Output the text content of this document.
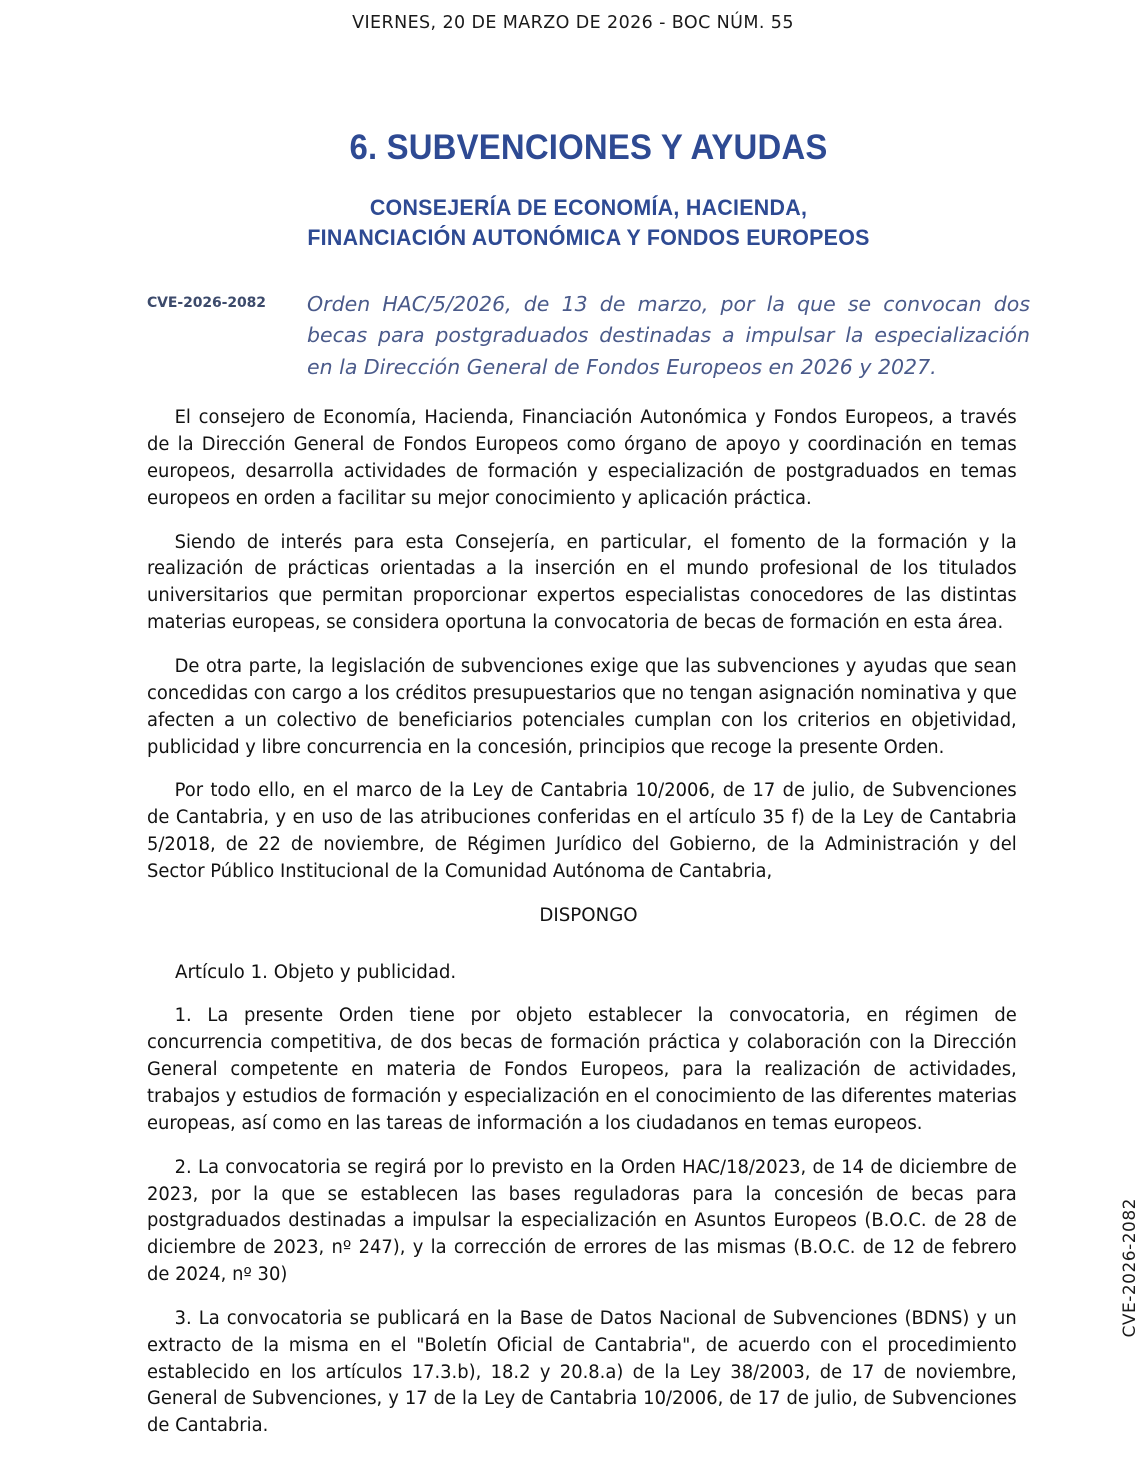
VIERNES, 20 DE MARZO DE 2026 - BOC NÚM. 55
6. SUBVENCIONES Y AYUDAS
CONSEJERÍA DE ECONOMÍA, HACIENDA,
FINANCIACIÓN AUTONÓMICA Y FONDOS EUROPEOS
CVE-2026-2082	Orden HAC/5/2026, de 13 de marzo, por la que se convocan dos becas para postgraduados destinadas a impulsar la especialización en la Dirección General de Fondos Europeos en 2026 y 2027.

El consejero de Economía, Hacienda, Financiación Autonómica y Fondos Europeos, a través de la Dirección General de Fondos Europeos como órgano de apoyo y coordinación en temas europeos, desarrolla actividades de formación y especialización de postgraduados en temas europeos en orden a facilitar su mejor conocimiento y aplicación práctica.

Siendo de interés para esta Consejería, en particular, el fomento de la formación y la realización de prácticas orientadas a la inserción en el mundo profesional de los titulados universitarios que permitan proporcionar expertos especialistas conocedores de las distintas materias europeas, se considera oportuna la convocatoria de becas de formación en esta área.

De otra parte, la legislación de subvenciones exige que las subvenciones y ayudas que sean concedidas con cargo a los créditos presupuestarios que no tengan asignación nominativa y que afecten a un colectivo de beneficiarios potenciales cumplan con los criterios en objetividad, publicidad y libre concurrencia en la concesión, principios que recoge la presente Orden.

Por todo ello, en el marco de la Ley de Cantabria 10/2006, de 17 de julio, de Subvenciones de Cantabria, y en uso de las atribuciones conferidas en el artículo 35 f) de la Ley de Cantabria 5/2018, de 22 de noviembre, de Régimen Jurídico del Gobierno, de la Administración y del Sector Público Institucional de la Comunidad Autónoma de Cantabria,

DISPONGO

Artículo 1. Objeto y publicidad.

1. La presente Orden tiene por objeto establecer la convocatoria, en régimen de concurrencia competitiva, de dos becas de formación práctica y colaboración con la Dirección General competente en materia de Fondos Europeos, para la realización de actividades, trabajos y estudios de formación y especialización en el conocimiento de las diferentes materias europeas, así como en las tareas de información a los ciudadanos en temas europeos.

2. La convocatoria se regirá por lo previsto en la Orden HAC/18/2023, de 14 de diciembre de 2023, por la que se establecen las bases reguladoras para la concesión de becas para postgraduados destinadas a impulsar la especialización en Asuntos Europeos (B.O.C. de 28 de diciembre de 2023, nº 247), y la corrección de errores de las mismas (B.O.C. de 12 de febrero de 2024, nº 30)

3. La convocatoria se publicará en la Base de Datos Nacional de Subvenciones (BDNS) y un extracto de la misma en el "Boletín Oficial de Cantabria", de acuerdo con el procedimiento establecido en los artículos 17.3.b), 18.2 y 20.8.a) de la Ley 38/2003, de 17 de noviembre, General de Subvenciones, y 17 de la Ley de Cantabria 10/2006, de 17 de julio, de Subvenciones de Cantabria.

CVE-2026-2082
